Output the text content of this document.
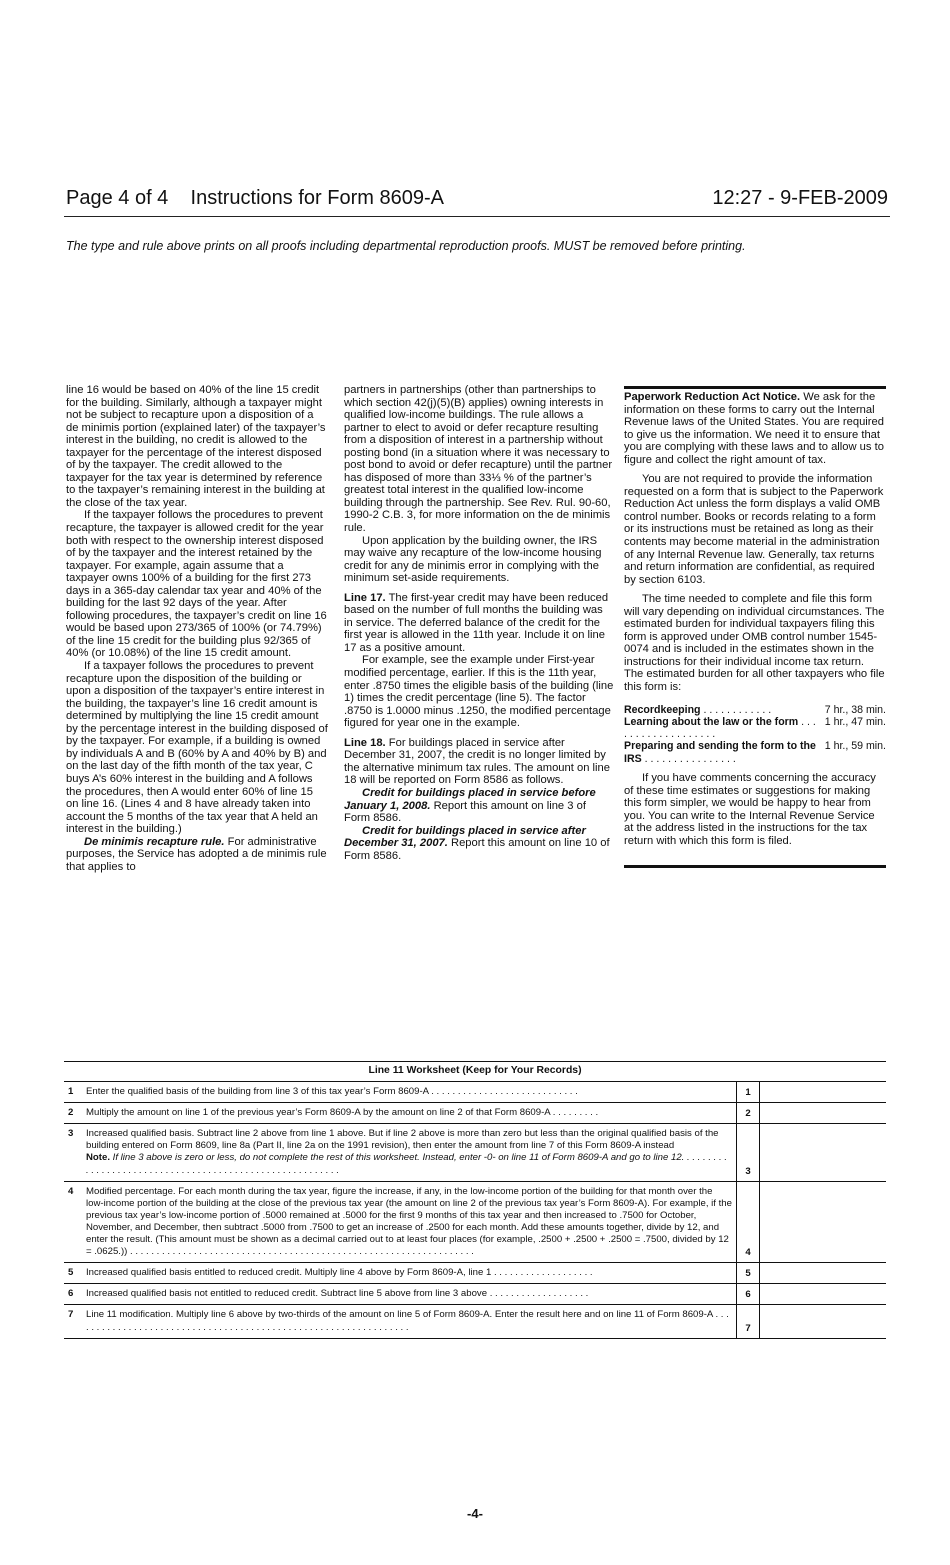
Page 4 of 4    Instructions for Form 8609-A	12:27 - 9-FEB-2009
The type and rule above prints on all proofs including departmental reproduction proofs. MUST be removed before printing.

line 16 would be based on 40% of the line 15 credit for the building. Similarly, although a taxpayer might not be subject to recapture upon a disposition of a de minimis portion (explained later) of the taxpayer’s interest in the building, no credit is allowed to the taxpayer for the percentage of the interest disposed of by the taxpayer. The credit allowed to the taxpayer for the tax year is determined by reference to the taxpayer’s remaining interest in the building at the close of the tax year.

If the taxpayer follows the procedures to prevent recapture, the taxpayer is allowed credit for the year both with respect to the ownership interest disposed of by the taxpayer and the interest retained by the taxpayer. For example, again assume that a taxpayer owns 100% of a building for the first 273 days in a 365-day calendar tax year and 40% of the building for the last 92 days of the year. After following procedures, the taxpayer’s credit on line 16 would be based upon 273/365 of 100% (or 74.79%) of the line 15 credit for the building plus 92/365 of 40% (or 10.08%) of the line 15 credit amount.

If a taxpayer follows the procedures to prevent recapture upon the disposition of the building or upon a disposition of the taxpayer’s entire interest in the building, the taxpayer’s line 16 credit amount is determined by multiplying the line 15 credit amount by the percentage interest in the building disposed of by the taxpayer. For example, if a building is owned by individuals A and B (60% by A and 40% by B) and on the last day of the fifth month of the tax year, C buys A’s 60% interest in the building and A follows the procedures, then A would enter 60% of line 15 on line 16. (Lines 4 and 8 have already taken into account the 5 months of the tax year that A held an interest in the building.)

De minimis recapture rule. For administrative purposes, the Service has adopted a de minimis rule that applies to

partners in partnerships (other than partnerships to which section 42(j)(5)(B) applies) owning interests in qualified low-income buildings. The rule allows a partner to elect to avoid or defer recapture resulting from a disposition of interest in a partnership without posting bond (in a situation where it was necessary to post bond to avoid or defer recapture) until the partner has disposed of more than 33⅓ % of the partner’s greatest total interest in the qualified low-income building through the partnership. See Rev. Rul. 90-60, 1990-2 C.B. 3, for more information on the de minimis rule.

Upon application by the building owner, the IRS may waive any recapture of the low-income housing credit for any de minimis error in complying with the minimum set-aside requirements.

Line 17. The first-year credit may have been reduced based on the number of full months the building was in service. The deferred balance of the credit for the first year is allowed in the 11th year. Include it on line 17 as a positive amount.

For example, see the example under First-year modified percentage, earlier. If this is the 11th year, enter .8750 times the eligible basis of the building (line 1) times the credit percentage (line 5). The factor .8750 is 1.0000 minus .1250, the modified percentage figured for year one in the example.

Line 18. For buildings placed in service after December 31, 2007, the credit is no longer limited by the alternative minimum tax rules. The amount on line 18 will be reported on Form 8586 as follows.

Credit for buildings placed in service before January 1, 2008. Report this amount on line 3 of Form 8586.

Credit for buildings placed in service after December 31, 2007. Report this amount on line 10 of Form 8586.

Paperwork Reduction Act Notice. We ask for the information on these forms to carry out the Internal Revenue laws of the United States. You are required to give us the information. We need it to ensure that you are complying with these laws and to allow us to figure and collect the right amount of tax.

You are not required to provide the information requested on a form that is subject to the Paperwork Reduction Act unless the form displays a valid OMB control number. Books or records relating to a form or its instructions must be retained as long as their contents may become material in the administration of any Internal Revenue law. Generally, tax returns and return information are confidential, as required by section 6103.

The time needed to complete and file this form will vary depending on individual circumstances. The estimated burden for individual taxpayers filing this form is approved under OMB control number 1545-0074 and is included in the estimates shown in the instructions for their individual income tax return. The estimated burden for all other taxpayers who file this form is:

Recordkeeping . . . . . . . . . . . .	7 hr., 38 min.
Learning about the law or the form . . . . . . . . . . . . . . . . . . .
1 hr., 47 min.
Preparing and sending the form to the IRS . . . . . . . . . . . . . . . .
1 hr., 59 min.

If you have comments concerning the accuracy of these time estimates or suggestions for making this form simpler, we would be happy to hear from you. You can write to the Internal Revenue Service at the address listed in the instructions for the tax return with which this form is filed.

Line 11 Worksheet (Keep for Your Records)
1	Enter the qualified basis of the building from line 3 of this tax year’s Form 8609-A . . . . . . . . . . . . . . . . . . . . . . . . . . . .	1
2	Multiply the amount on line 1 of the previous year’s Form 8609-A by the amount on line 2 of that Form 8609-A . . . . . . . . .	2
3	Increased qualified basis. Subtract line 2 above from line 1 above. But if line 2 above is more than zero but less than the original qualified basis of the building entered on Form 8609, line 8a (Part II, line 2a on the 1991 revision), then enter the amount from line 7 of this Form 8609-A instead
Note. If line 3 above is zero or less, do not complete the rest of this worksheet. Instead, enter -0- on line 11 of Form 8609-A and go to line 12. . . . . . . . . . . . . . . . . . . . . . . . . . . . . . . . . . . . . . . . . . . . . . . . . . . . . . . . .	3
4	Modified percentage. For each month during the tax year, figure the increase, if any, in the low-income portion of the building for that month over the low-income portion of the building at the close of the previous tax year (the amount on line 2 of the previous tax year’s Form 8609-A). For example, if the previous tax year’s low-income portion of .5000 remained at .5000 for the first 9 months of this tax year and then increased to .7500 for October, November, and December, then subtract .5000 from .7500 to get an increase of .2500 for each month. Add these amounts together, divide by 12, and enter the result. (This amount must be shown as a decimal carried out to at least four places (for example, .2500 + .2500 + .2500 = .7500, divided by 12 = .0625.)) . . . . . . . . . . . . . . . . . . . . . . . . . . . . . . . . . . . . . . . . . . . . . . . . . . . . . . . . . . . . . . . . .	4
5	Increased qualified basis entitled to reduced credit. Multiply line 4 above by Form 8609-A, line 1 . . . . . . . . . . . . . . . . . . .	5
6	Increased qualified basis not entitled to reduced credit. Subtract line 5 above from line 3 above . . . . . . . . . . . . . . . . . . .	6
7	Line 11 modification. Multiply line 6 above by two-thirds of the amount on line 5 of Form 8609-A. Enter the result here and on line 11 of Form 8609-A . . . . . . . . . . . . . . . . . . . . . . . . . . . . . . . . . . . . . . . . . . . . . . . . . . . . . . . . . . . . . . . .	7
-4-
